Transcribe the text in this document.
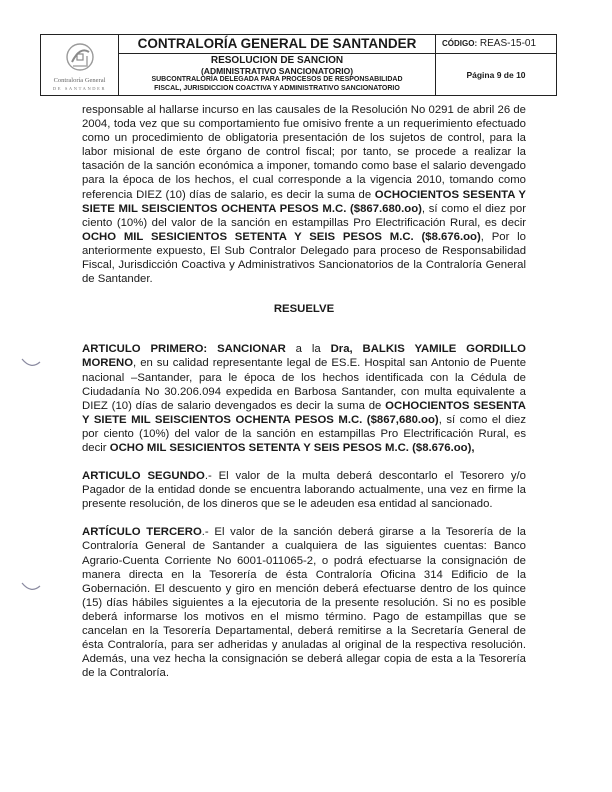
Contraloría General
DE SANTANDER
CONTRALORÍA GENERAL DE SANTANDER
RESOLUCION DE SANCION
(ADMINISTRATIVO SANCIONATORIO)
SUBCONTRALORÍA DELEGADA PARA PROCESOS DE RESPONSABILIDAD
FISCAL, JURISDICCION COACTIVA Y ADMINISTRATIVO SANCIONATORIO
CÓDIGO: REAS-15-01
Página 9 de 10

responsable al hallarse incurso en las causales de la Resolución No 0291 de abril 26 de 2004, toda vez que su comportamiento fue omisivo frente a un requerimiento efectuado como un procedimiento de obligatoria presentación de los sujetos de control, para la labor misional de este órgano de control fiscal; por tanto, se procede a realizar la tasación de la sanción económica a imponer, tomando como base el salario devengado para la época de los hechos, el cual corresponde a la vigencia 2010, tomando como referencia DIEZ (10) días de salario, es decir la suma de OCHOCIENTOS SESENTA Y SIETE MIL SEISCIENTOS OCHENTA PESOS M.C. ($867.680.oo), sí como el diez por ciento (10%) del valor de la sanción en estampillas Pro Electrificación Rural, es decir OCHO MIL SESICIENTOS SETENTA Y SEIS PESOS M.C. ($8.676.oo), Por lo anteriormente expuesto, El Sub Contralor Delegado para proceso de Responsabilidad Fiscal, Jurisdicción Coactiva y Administrativos Sancionatorios de la Contraloría General de Santander.

RESUELVE

ARTICULO PRIMERO: SANCIONAR a la Dra, BALKIS YAMILE GORDILLO MORENO, en su calidad representante legal de ES.E. Hospital san Antonio de Puente nacional –Santander, para le época de los hechos identificada con la Cédula de Ciudadanía No 30.206.094 expedida en Barbosa Santander, con multa equivalente a DIEZ (10) días de salario devengados es decir la suma de OCHOCIENTOS SESENTA Y SIETE MIL SEISCIENTOS OCHENTA PESOS M.C. ($867,680.oo), sí como el diez por ciento (10%) del valor de la sanción en estampillas Pro Electrificación Rural, es decir OCHO MIL SESICIENTOS SETENTA Y SEIS PESOS M.C. ($8.676.oo),

ARTICULO SEGUNDO.- El valor de la multa deberá descontarlo el Tesorero y/o Pagador de la entidad donde se encuentra laborando actualmente, una vez en firme la presente resolución, de los dineros que se le adeuden esa entidad al sancionado.

ARTÍCULO TERCERO.- El valor de la sanción deberá girarse a la Tesorería de la Contraloría General de Santander a cualquiera de las siguientes cuentas: Banco Agrario-Cuenta Corriente No 6001-011065-2, o podrá efectuarse la consignación de manera directa en la Tesorería de ésta Contraloría Oficina 314 Edificio de la Gobernación. El descuento y giro en mención deberá efectuarse dentro de los quince (15) días hábiles siguientes a la ejecutoria de la presente resolución. Si no es posible deberá informarse los motivos en el mismo término. Pago de estampillas que se cancelan en la Tesorería Departamental, deberá remitirse a la Secretaría General de ésta Contraloría, para ser adheridas y anuladas al original de la respectiva resolución. Además, una vez hecha la consignación se deberá allegar copia de esta a la Tesorería de la Contraloría.
